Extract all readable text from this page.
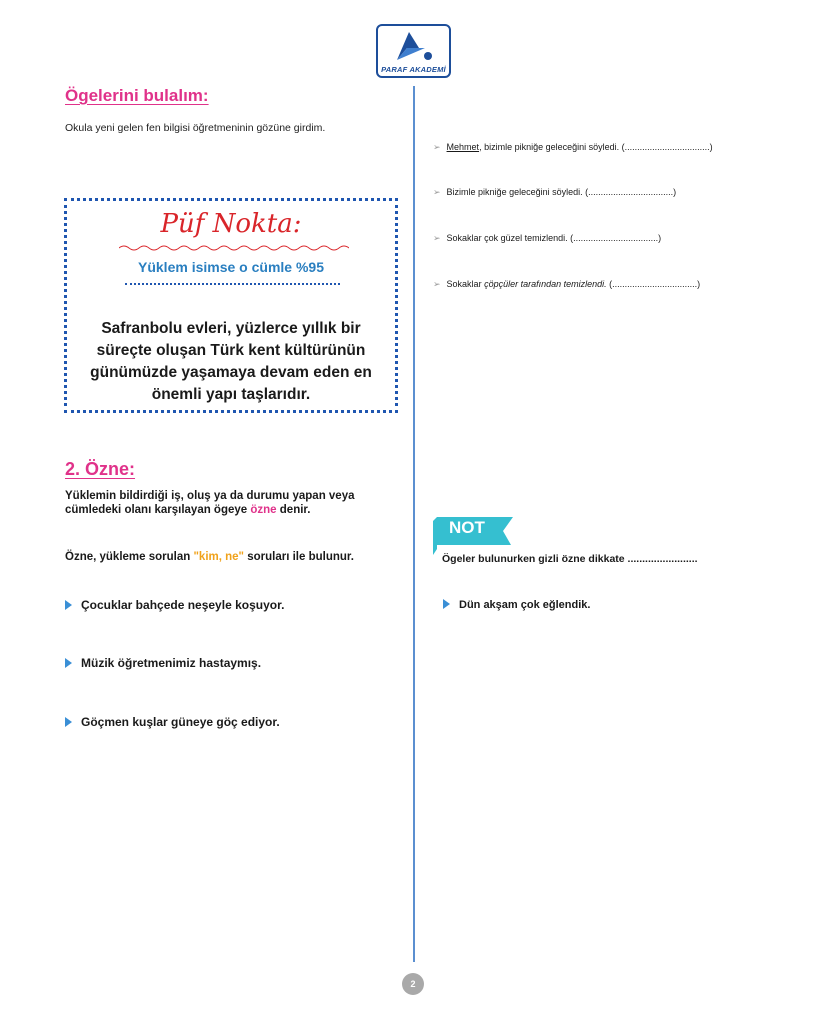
PARAF AKADEMİ
Ögelerini bulalım:
Okula yeni gelen fen bilgisi öğretmeninin gözüne girdim.
Püf Nokta:
Yüklem isimse o cümle %95
Safranbolu evleri, yüzlerce yıllık bir süreçte oluşan Türk kent kültürünün günümüzde yaşamaya devam eden en önemli yapı taşlarıdır.
2. Özne:
Yüklemin bildirdiği iş, oluş ya da durumu yapan veya cümledeki olanı karşılayan ögeye özne denir.
Özne, yükleme sorulan "kim, ne" soruları ile bulunur.
Çocuklar bahçede neşeyle koşuyor.
Müzik öğretmenimiz hastaymış.
Göçmen kuşlar güneye göç ediyor.
➢ Mehmet, bizimle pikniğe geleceğini söyledi. (..................................)
➢ Bizimle pikniğe geleceğini söyledi. (..................................)
➢ Sokaklar çok güzel temizlendi. (..................................)
➢ Sokaklar çöpçüler tarafından temizlendi. (..................................)
NOT
Ögeler bulunurken gizli özne dikkate ........................
Dün akşam çok eğlendik.
2
